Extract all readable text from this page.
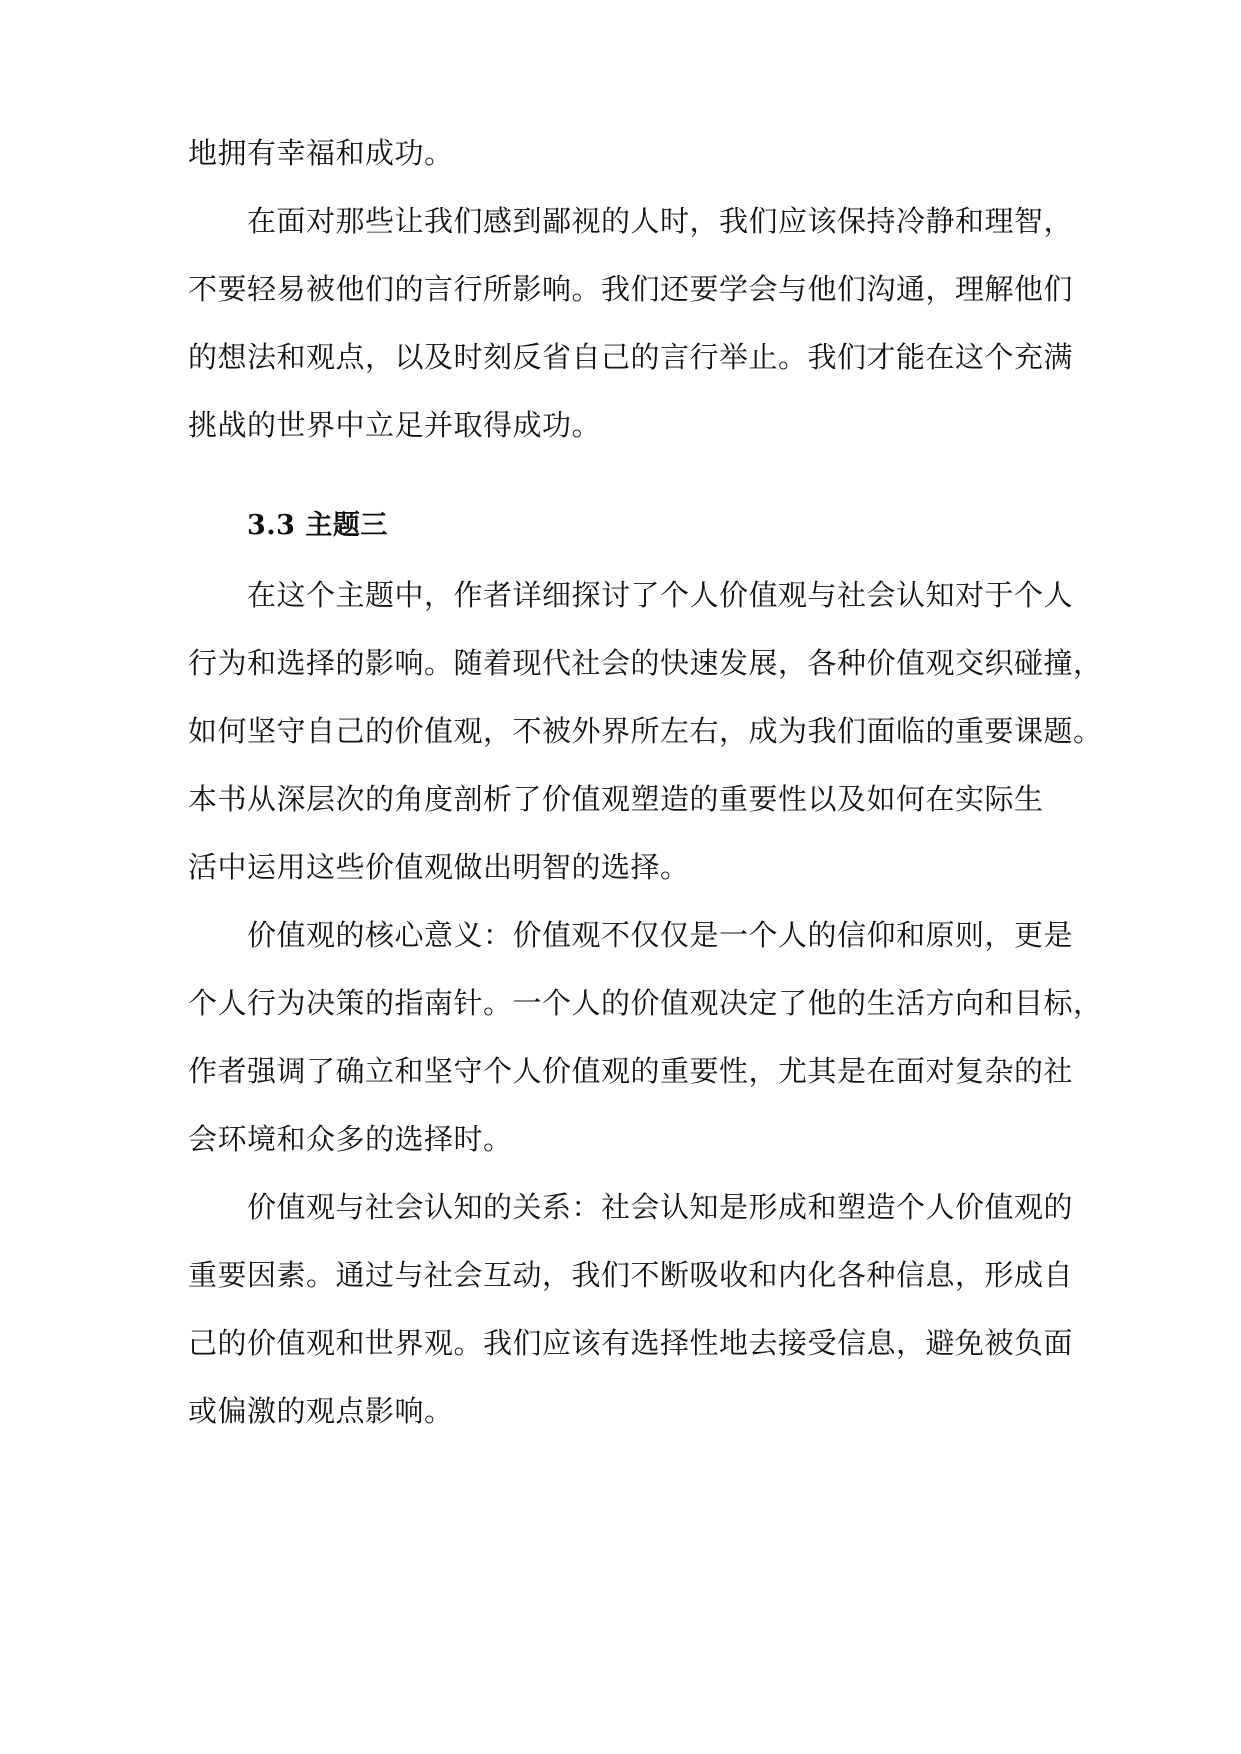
地拥有幸福和成功。
在面对那些让我们感到鄙视的人时，我们应该保持冷静和理智，
不要轻易被他们的言行所影响。我们还要学会与他们沟通，理解他们
的想法和观点，以及时刻反省自己的言行举止。我们才能在这个充满
挑战的世界中立足并取得成功。
3.3 主题三
在这个主题中，作者详细探讨了个人价值观与社会认知对于个人
行为和选择的影响。随着现代社会的快速发展，各种价值观交织碰撞，
如何坚守自己的价值观，不被外界所左右，成为我们面临的重要课题。
本书从深层次的角度剖析了价值观塑造的重要性以及如何在实际生
活中运用这些价值观做出明智的选择。
价值观的核心意义：价值观不仅仅是一个人的信仰和原则，更是
个人行为决策的指南针。一个人的价值观决定了他的生活方向和目标，
作者强调了确立和坚守个人价值观的重要性，尤其是在面对复杂的社
会环境和众多的选择时。
价值观与社会认知的关系：社会认知是形成和塑造个人价值观的
重要因素。通过与社会互动，我们不断吸收和内化各种信息，形成自
己的价值观和世界观。我们应该有选择性地去接受信息，避免被负面
或偏激的观点影响。
